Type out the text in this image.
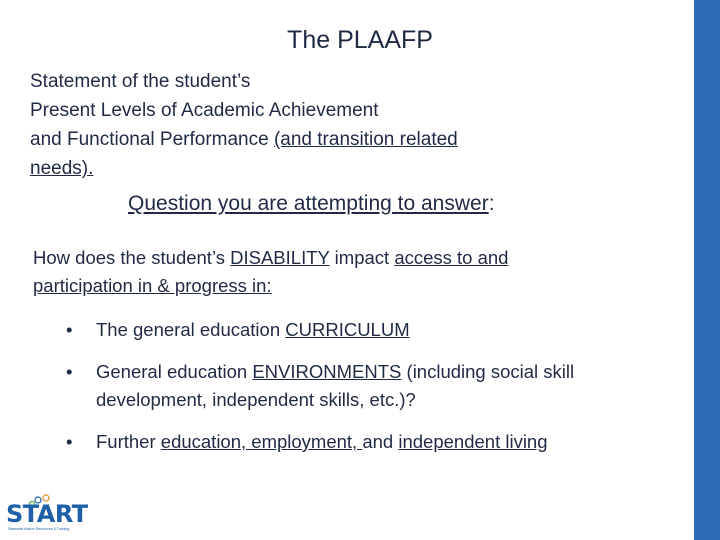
The PLAAFP
Statement of the student’s
Present Levels of Academic Achievement
and Functional Performance (and transition related
needs).
Question you are attempting to answer:
How does the student’s DISABILITY impact access to and
participation in & progress in:
• The general education CURRICULUM
• General education ENVIRONMENTS (including social skill
development, independent skills, etc.)?
• Further education, employment, and independent living
START
Statewide Autism Resources & Training
